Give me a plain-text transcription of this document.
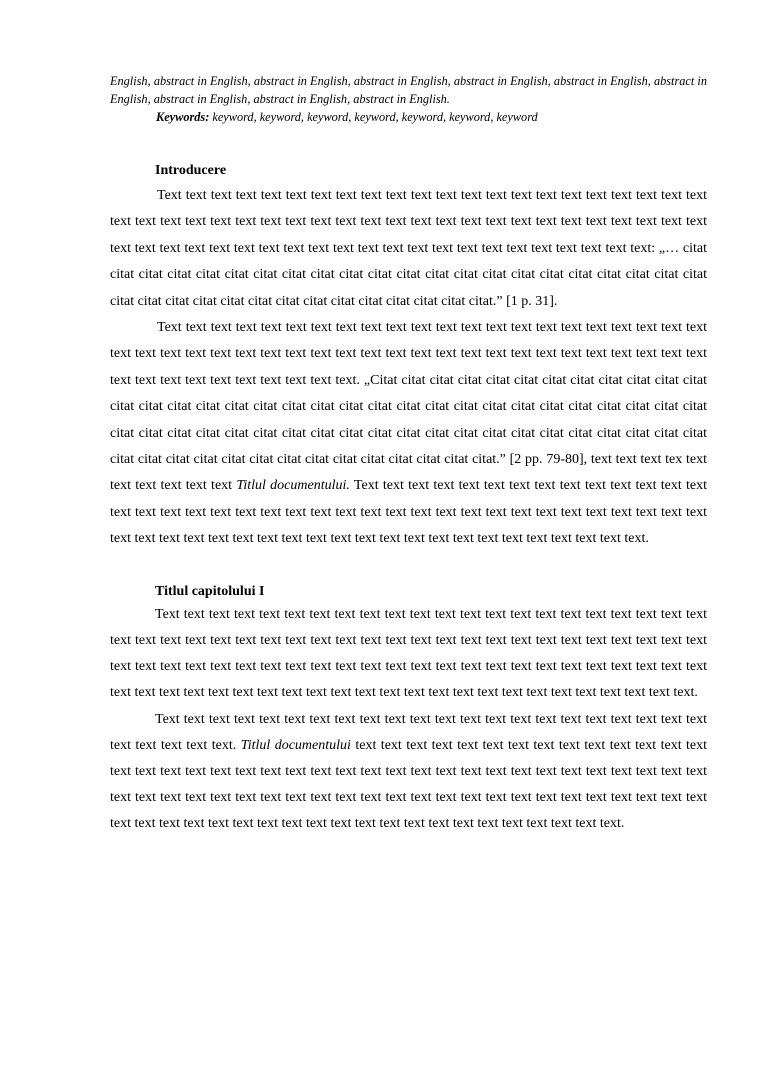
English, abstract in English, abstract in English, abstract in English, abstract in English, abstract in English, abstract in English, abstract in English, abstract in English, abstract in English.

Keywords: keyword, keyword, keyword, keyword, keyword, keyword, keyword

Introducere

Text text text text text text text text text text text text text text text text text text text text text text text text text text text text text text text text text text text text text text text text text text text text text text text text text text text text text text text text text text text text text text text text text text text text: „… citat citat citat citat citat citat citat citat citat citat citat citat citat citat citat citat citat citat citat citat citat citat citat citat citat citat citat citat citat citat citat citat citat citat citat citat.” [1 p. 31].

Text text text text text text text text text text text text text text text text text text text text text text text text text text text text text text text text text text text text text text text text text text text text text text text text text text text text text text text text. „Citat citat citat citat citat citat citat citat citat citat citat citat citat citat citat citat citat citat citat citat citat citat citat citat citat citat citat citat citat citat citat citat citat citat citat citat citat citat citat citat citat citat citat citat citat citat citat citat citat citat citat citat citat citat citat citat citat citat citat citat citat citat citat citat citat citat citat citat.” [2 pp. 79-80], text text text tex text text text text text text Titlul documentului. Text text text text text text text text text text text text text text text text text text text text text text text text text text text text text text text text text text text text text text text text text text text text text text text text text text text text text text text text text text text text.

Titlul capitolului I

Text text text text text text text text text text text text text text text text text text text text text text text text text text text text text text text text text text text text text text text text text text text text text text text text text text text text text text text text text text text text text text text text text text text text text text text text text text text text text text text text text text text text text text text text text text text text text text.

Text text text text text text text text text text text text text text text text text text text text text text text text text text text. Titlul documentului text text text text text text text text text text text text text text text text text text text text text text text text text text text text text text text text text text text text text text text text text text text text text text text text text text text text text text text text text text text text text text text text text text text text text text text text text text text text text text text text text text text.
